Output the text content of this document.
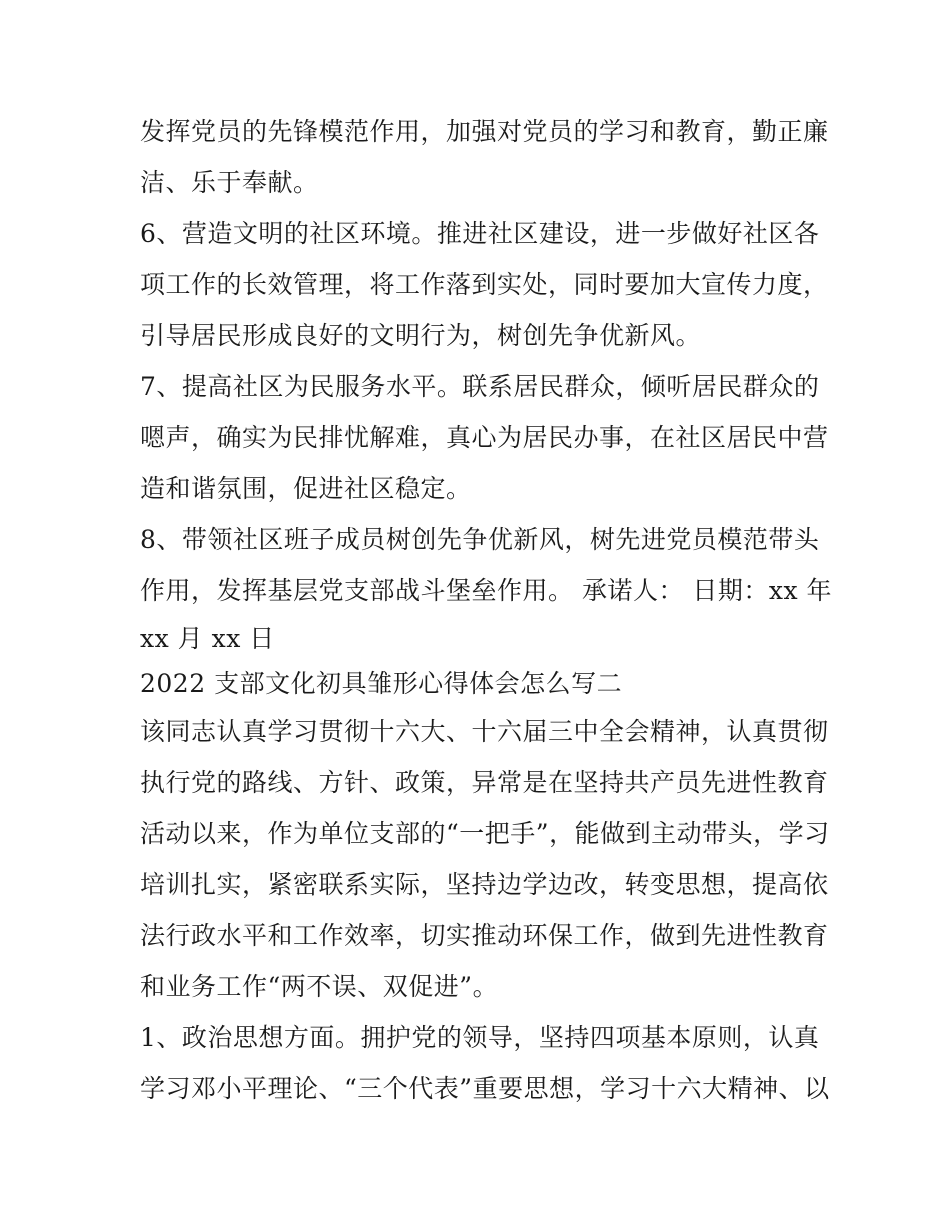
发挥党员的先锋模范作用，加强对党员的学习和教育，勤正廉
洁、乐于奉献。
6、营造文明的社区环境。推进社区建设，进一步做好社区各
项工作的长效管理，将工作落到实处，同时要加大宣传力度，
引导居民形成良好的文明行为，树创先争优新风。
7、提高社区为民服务水平。联系居民群众，倾听居民群众的
嗯声，确实为民排忧解难，真心为居民办事，在社区居民中营
造和谐氛围，促进社区稳定。
8、带领社区班子成员树创先争优新风，树先进党员模范带头
作用，发挥基层党支部战斗堡垒作用。 承诺人： 日期：xx 年
xx 月 xx 日
2022 支部文化初具雏形心得体会怎么写二
该同志认真学习贯彻十六大、十六届三中全会精神，认真贯彻
执行党的路线、方针、政策，异常是在坚持共产员先进性教育
活动以来，作为单位支部的“一把手”，能做到主动带头，学习
培训扎实，紧密联系实际，坚持边学边改，转变思想，提高依
法行政水平和工作效率，切实推动环保工作，做到先进性教育
和业务工作“两不误、双促进”。
1、政治思想方面。拥护党的领导，坚持四项基本原则，认真
学习邓小平理论、“三个代表”重要思想，学习十六大精神、以
